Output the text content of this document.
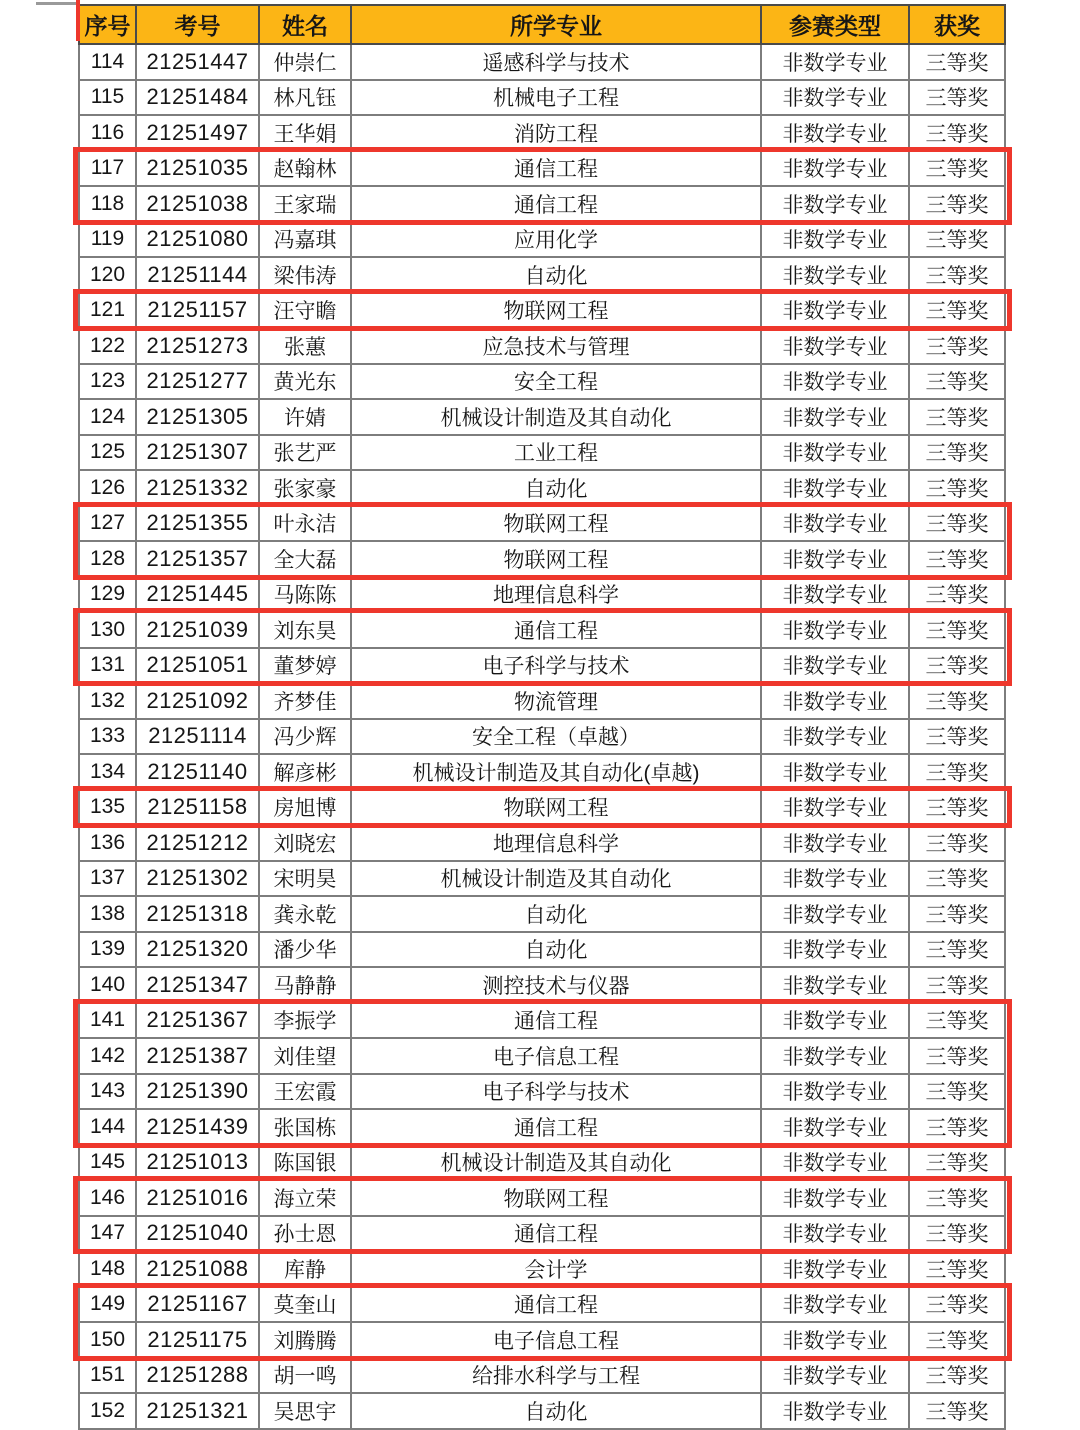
序号	考号	姓名	所学专业	参赛类型	获奖
114	21251447	仲崇仁	遥感科学与技术	非数学专业	三等奖
115	21251484	林凡钰	机械电子工程	非数学专业	三等奖
116	21251497	王华娟	消防工程	非数学专业	三等奖
117	21251035	赵翰林	通信工程	非数学专业	三等奖
118	21251038	王家瑞	通信工程	非数学专业	三等奖
119	21251080	冯嘉琪	应用化学	非数学专业	三等奖
120	21251144	梁伟涛	自动化	非数学专业	三等奖
121	21251157	汪守瞻	物联网工程	非数学专业	三等奖
122	21251273	张蕙	应急技术与管理	非数学专业	三等奖
123	21251277	黄光东	安全工程	非数学专业	三等奖
124	21251305	许婧	机械设计制造及其自动化	非数学专业	三等奖
125	21251307	张艺严	工业工程	非数学专业	三等奖
126	21251332	张家豪	自动化	非数学专业	三等奖
127	21251355	叶永洁	物联网工程	非数学专业	三等奖
128	21251357	全大磊	物联网工程	非数学专业	三等奖
129	21251445	马陈陈	地理信息科学	非数学专业	三等奖
130	21251039	刘东昊	通信工程	非数学专业	三等奖
131	21251051	董梦婷	电子科学与技术	非数学专业	三等奖
132	21251092	齐梦佳	物流管理	非数学专业	三等奖
133	21251114	冯少辉	安全工程（卓越）	非数学专业	三等奖
134	21251140	解彦彬	机械设计制造及其自动化(卓越)	非数学专业	三等奖
135	21251158	房旭博	物联网工程	非数学专业	三等奖
136	21251212	刘晓宏	地理信息科学	非数学专业	三等奖
137	21251302	宋明昊	机械设计制造及其自动化	非数学专业	三等奖
138	21251318	龚永乾	自动化	非数学专业	三等奖
139	21251320	潘少华	自动化	非数学专业	三等奖
140	21251347	马静静	测控技术与仪器	非数学专业	三等奖
141	21251367	李振学	通信工程	非数学专业	三等奖
142	21251387	刘佳望	电子信息工程	非数学专业	三等奖
143	21251390	王宏霞	电子科学与技术	非数学专业	三等奖
144	21251439	张国栋	通信工程	非数学专业	三等奖
145	21251013	陈国银	机械设计制造及其自动化	非数学专业	三等奖
146	21251016	海立荣	物联网工程	非数学专业	三等奖
147	21251040	孙士恩	通信工程	非数学专业	三等奖
148	21251088	库静	会计学	非数学专业	三等奖
149	21251167	莫奎山	通信工程	非数学专业	三等奖
150	21251175	刘腾腾	电子信息工程	非数学专业	三等奖
151	21251288	胡一鸣	给排水科学与工程	非数学专业	三等奖
152	21251321	吴思宇	自动化	非数学专业	三等奖
